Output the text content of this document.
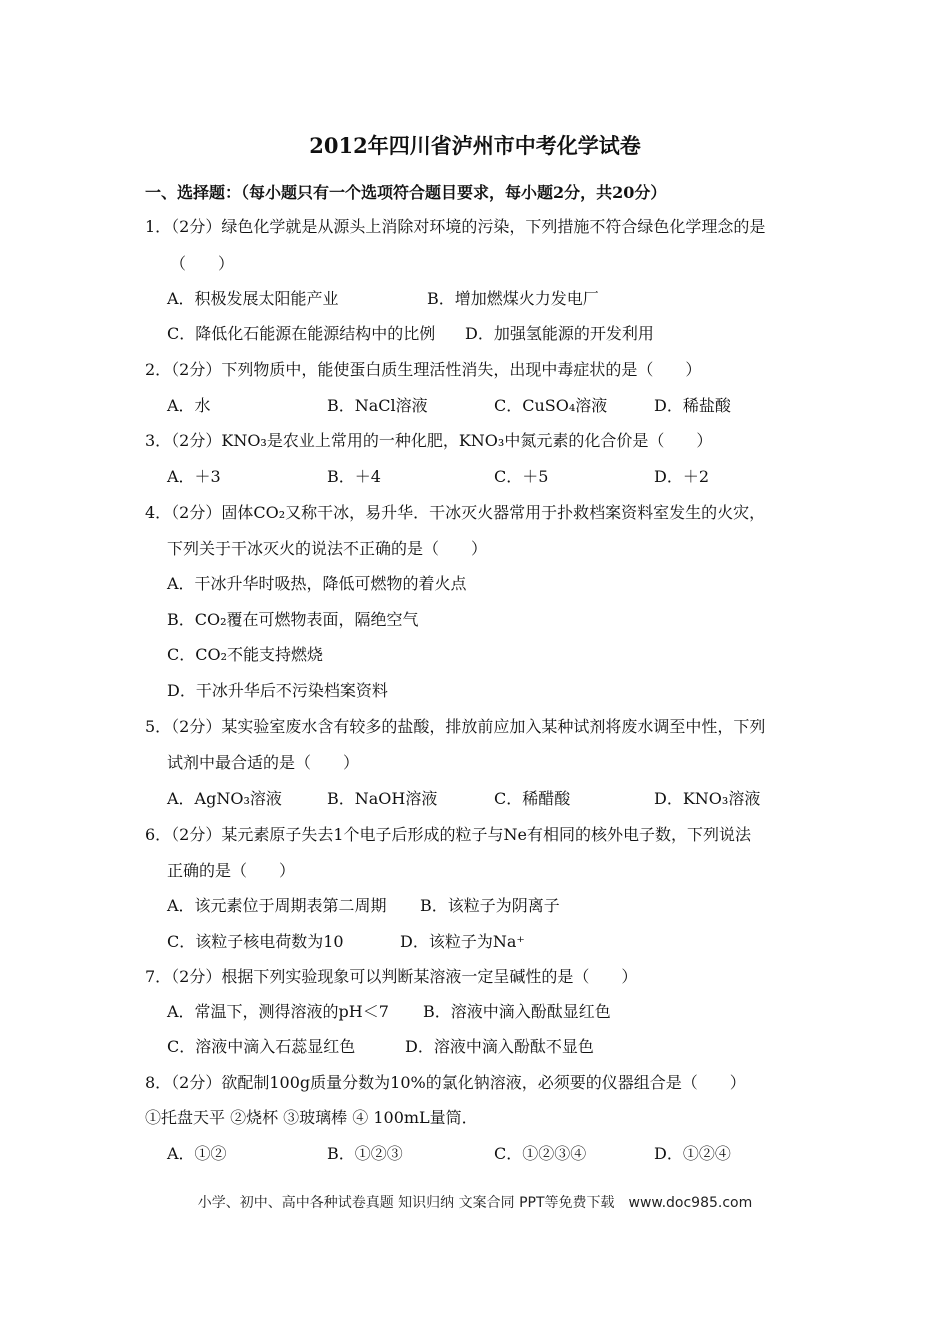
2012年四川省泸州市中考化学试卷
一、选择题：（每小题只有一个选项符合题目要求，每小题2分，共20分）
1．（2分）绿色化学就是从源头上消除对环境的污染，下列措施不符合绿色化学理念的是
（　　）
A．积极发展太阳能产业	B．增加燃煤火力发电厂
C．降低化石能源在能源结构中的比例 D．加强氢能源的开发利用
2．（2分）下列物质中，能使蛋白质生理活性消失，出现中毒症状的是（　　）
A．水	B．NaCl溶液	C．CuSO₄溶液	D．稀盐酸
3．（2分）KNO₃是农业上常用的一种化肥，KNO₃中氮元素的化合价是（　　）
A．＋3	B．＋4	C．＋5	D．＋2
4．（2分）固体CO₂又称干冰，易升华．干冰灭火器常用于扑救档案资料室发生的火灾，
下列关于干冰灭火的说法不正确的是（　　）
A．干冰升华时吸热，降低可燃物的着火点
B．CO₂覆在可燃物表面，隔绝空气
C．CO₂不能支持燃烧
D．干冰升华后不污染档案资料
5．（2分）某实验室废水含有较多的盐酸，排放前应加入某种试剂将废水调至中性，下列
试剂中最合适的是（　　）
A．AgNO₃溶液	B．NaOH溶液	C．稀醋酸	D．KNO₃溶液
6．（2分）某元素原子失去1个电子后形成的粒子与Ne有相同的核外电子数，下列说法
正确的是（　　）
A．该元素位于周期表第二周期 B．该粒子为阴离子
C．该粒子核电荷数为10	D．该粒子为Na⁺
7．（2分）根据下列实验现象可以判断某溶液一定呈碱性的是（　　）
A．常温下，测得溶液的pH＜7 B．溶液中滴入酚酞显红色
C．溶液中滴入石蕊显红色	D．溶液中滴入酚酞不显色
8．（2分）欲配制100g质量分数为10%的氯化钠溶液，必须要的仪器组合是（　　）
①托盘天平 ②烧杯 ③玻璃棒 ④ 100mL量筒．
A．①②	B．①②③	C．①②③④	D．①②④
小学、初中、高中各种试卷真题 知识归纳 文案合同 PPT等免费下载　www.doc985.com
